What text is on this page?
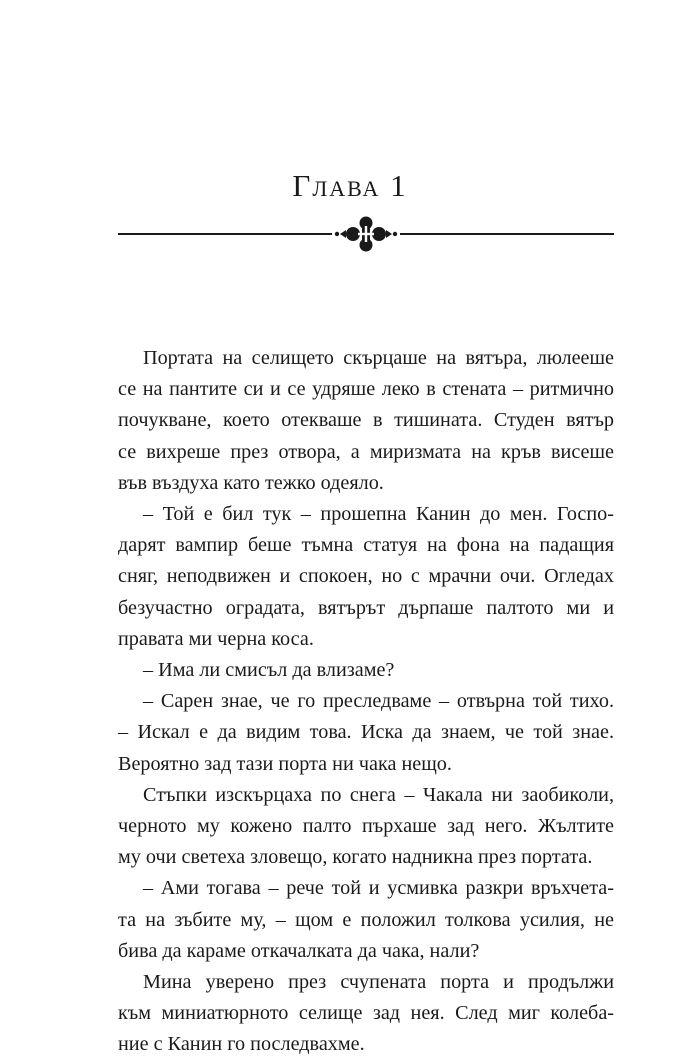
Глава 1
Портата на селището скърцаше на вятъра, люлееше
се на пантите си и се удряше леко в стената – ритмично
почукване, което отекваше в тишината. Студен вятър
се вихреше през отвора, а миризмата на кръв висеше
във въздуха като тежко одеяло.
– Той е бил тук – прошепна Канин до мен. Госпо-
дарят вампир беше тъмна статуя на фона на падащия
сняг, неподвижен и спокоен, но с мрачни очи. Огледах
безучастно оградата, вятърът дърпаше палтото ми и
правата ми черна коса.
– Има ли смисъл да влизаме?
– Сарен знае, че го преследваме – отвърна той тихо.
– Искал е да видим това. Иска да знаем, че той знае.
Вероятно зад тази порта ни чака нещо.
Стъпки изскърцаха по снега – Чакала ни заобиколи,
черното му кожено палто пърхаше зад него. Жълтите
му очи светеха зловещо, когато надникна през портата.
– Ами тогава – рече той и усмивка разкри връхчета-
та на зъбите му, – щом е положил толкова усилия, не
бива да караме откачалката да чака, нали?
Мина уверено през счупената порта и продължи
към миниатюрното селище зад нея. След миг колеба-
ние с Канин го последвахме.
